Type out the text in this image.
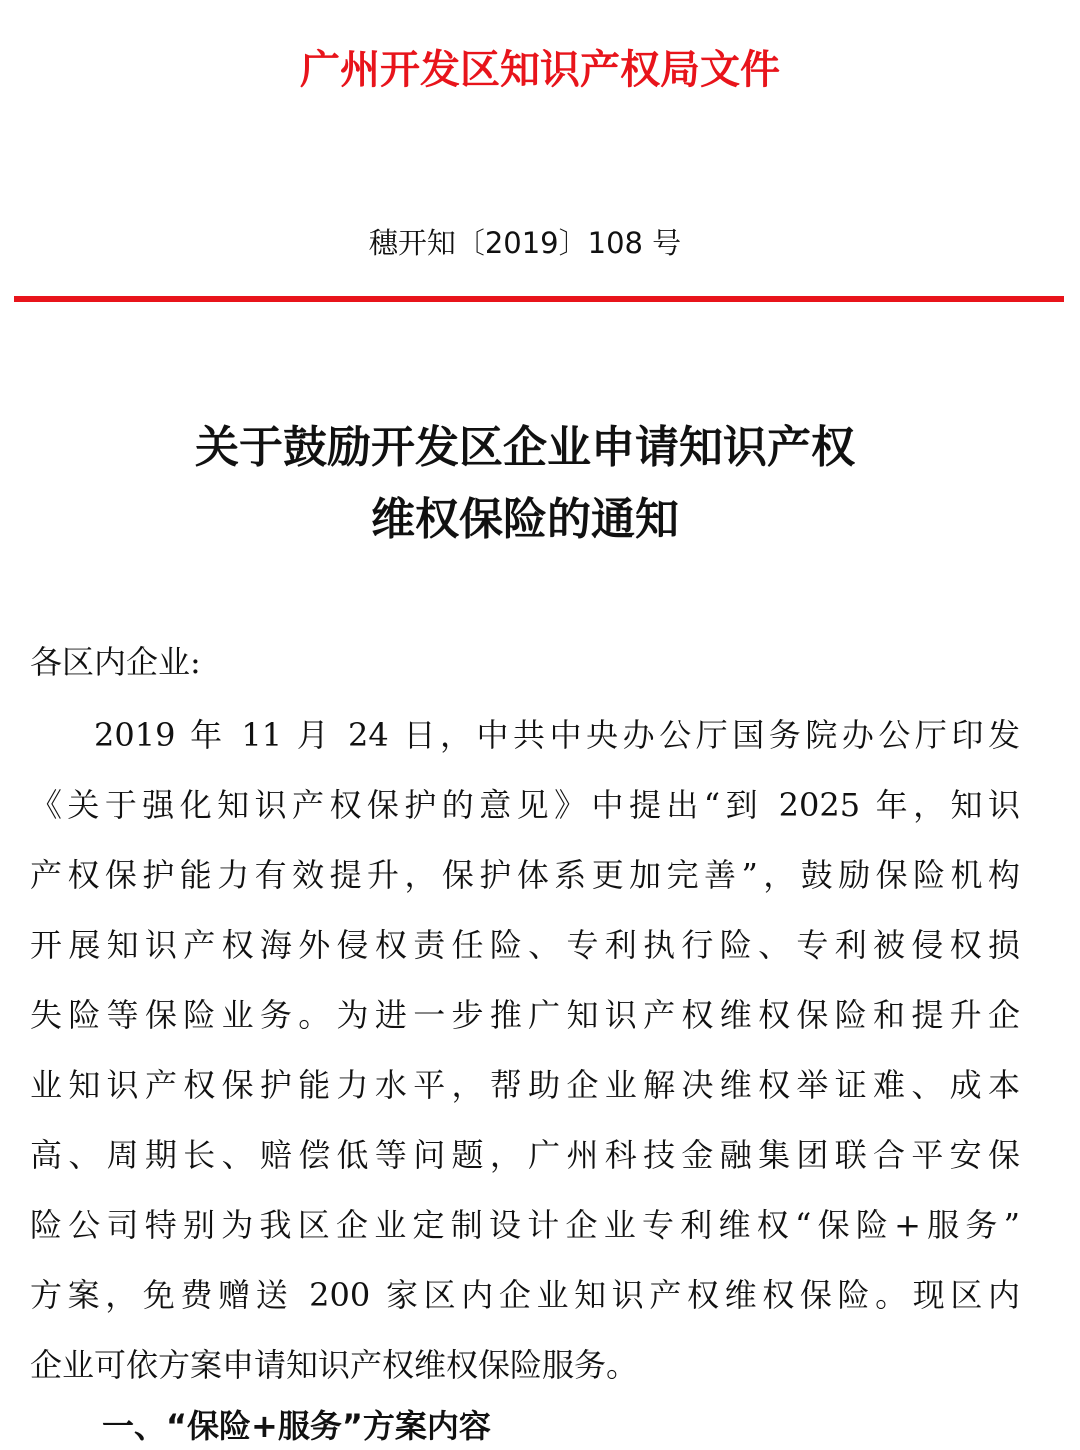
广州开发区知识产权局文件
穗开知〔2019〕108 号
关于鼓励开发区企业申请知识产权
维权保险的通知
各区内企业:
2019 年 11 月 24 日，中共中央办公厅国务院办公厅印发
《关于强化知识产权保护的意见》中提出“到 2025 年，知识
产权保护能力有效提升，保护体系更加完善”，鼓励保险机构
开展知识产权海外侵权责任险、专利执行险、专利被侵权损
失险等保险业务。为进一步推广知识产权维权保险和提升企
业知识产权保护能力水平，帮助企业解决维权举证难、成本
高、周期长、赔偿低等问题，广州科技金融集团联合平安保
险公司特别为我区企业定制设计企业专利维权“保险+服务”
方案，免费赠送 200 家区内企业知识产权维权保险。现区内
企业可依方案申请知识产权维权保险服务。
一、“保险+服务”方案内容
